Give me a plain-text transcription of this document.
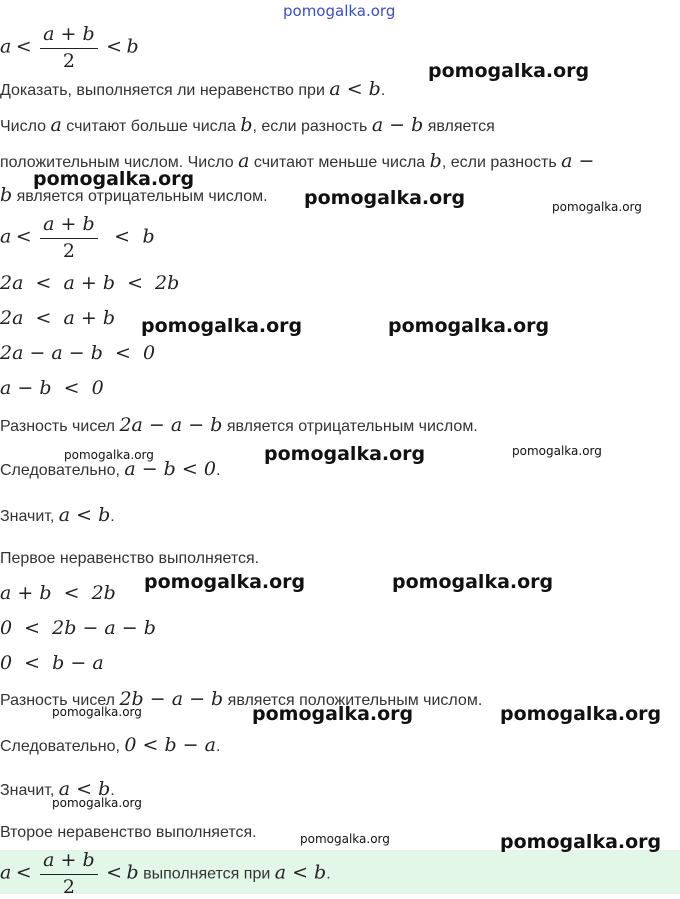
$a < \frac{a + b}{2} < b$
Доказать, выполняется ли неравенство при a < b.
Число a считают больше числа b, если разность a − b является
положительным числом. Число a считают меньше числа b, если разность a −
b является отрицательным числом.
$a < \frac{a + b}{2} < b$
2a  <  a + b  <  2b
2a  <  a + b
2a − a − b  <  0
a − b  <  0
Разность чисел 2a − a − b является отрицательным числом.
Следовательно, a − b < 0.
Значит, a < b.
Первое неравенство выполняется.
a + b  <  2b
0  <  2b − a − b
0  <  b − a
Разность чисел 2b − a − b является положительным числом.
Следовательно, 0 < b − a.
Значит, a < b.
Второе неравенство выполняется.
$a < \frac{a + b}{2} < b$ выполняется при a < b.
pomogalka.org
pomogalka.org
pomogalka.org
pomogalka.org	pomogalka.org
pomogalka.org	pomogalka.org
pomogalka.org	pomogalka.org	pomogalka.org
pomogalka.org	pomogalka.org
pomogalka.org	pomogalka.org	pomogalka.org
pomogalka.org
pomogalka.org	pomogalka.org
